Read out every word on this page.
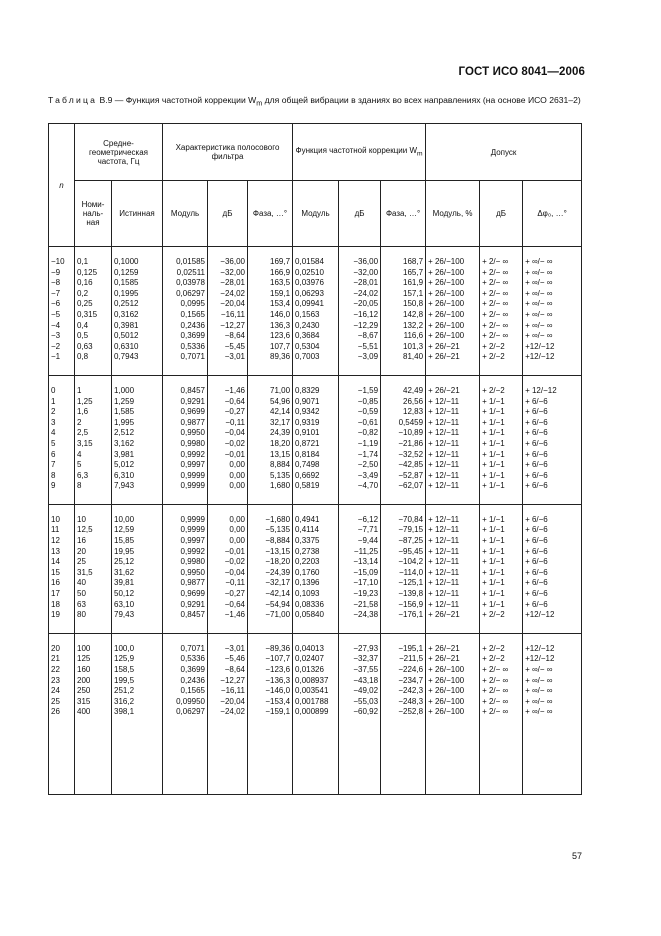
ГОСТ ИСО 8041—2006
Таблица В.9 — Функция частотной коррекции $W_m$ для общей вибрации в зданиях во всех направлениях (на основе ИСО 2631–2)
n	Средне-геометрическая частота, Гц		Характеристика полосового фильтра			Функция частотной коррекции $W_m$			Допуск		
	Номи-наль-ная	Истинная	Модуль	дБ	Фаза, …°	Модуль	дБ	Фаза, …°	Модуль, %	дБ	Δφ₀, …°
−10	0,1	0,1000	0,01585	−36,00	169,7	0,01584	−36,00	168,7	+ 26/−100	+ 2/− ∞	+ ∞/− ∞
−9	0,125	0,1259	0,02511	−32,00	166,9	0,02510	−32,00	165,7	+ 26/−100	+ 2/− ∞	+ ∞/− ∞
−8	0,16	0,1585	0,03978	−28,01	163,5	0,03976	−28,01	161,9	+ 26/−100	+ 2/− ∞	+ ∞/− ∞
−7	0,2	0,1995	0,06297	−24,02	159,1	0,06293	−24,02	157,1	+ 26/−100	+ 2/− ∞	+ ∞/− ∞
−6	0,25	0,2512	0,0995	−20,04	153,4	0,09941	−20,05	150,8	+ 26/−100	+ 2/− ∞	+ ∞/− ∞
−5	0,315	0,3162	0,1565	−16,11	146,0	0,1563	−16,12	142,8	+ 26/−100	+ 2/− ∞	+ ∞/− ∞
−4	0,4	0,3981	0,2436	−12,27	136,3	0,2430	−12,29	132,2	+ 26/−100	+ 2/− ∞	+ ∞/− ∞
−3	0,5	0,5012	0,3699	−8,64	123,6	0,3684	−8,67	116,6	+ 26/−100	+ 2/− ∞	+ ∞/− ∞
−2	0,63	0,6310	0,5336	−5,45	107,7	0,5304	−5,51	101,3	+ 26/−21	+ 2/−2	+12/−12
−1	0,8	0,7943	0,7071	−3,01	89,36	0,7003	−3,09	81,40	+ 26/−21	+ 2/−2	+12/−12
0	1	1,000	0,8457	−1,46	71,00	0,8329	−1,59	42,49	+ 26/−21	+ 2/−2	+ 12/−12
1	1,25	1,259	0,9291	−0,64	54,96	0,9071	−0,85	26,56	+ 12/−11	+ 1/−1	+ 6/−6
2	1,6	1,585	0,9699	−0,27	42,14	0,9342	−0,59	12,83	+ 12/−11	+ 1/−1	+ 6/−6
3	2	1,995	0,9877	−0,11	32,17	0,9319	−0,61	0,5459	+ 12/−11	+ 1/−1	+ 6/−6
4	2,5	2,512	0,9950	−0,04	24,39	0,9101	−0,82	−10,89	+ 12/−11	+ 1/−1	+ 6/−6
5	3,15	3,162	0,9980	−0,02	18,20	0,8721	−1,19	−21,86	+ 12/−11	+ 1/−1	+ 6/−6
6	4	3,981	0,9992	−0,01	13,15	0,8184	−1,74	−32,52	+ 12/−11	+ 1/−1	+ 6/−6
7	5	5,012	0,9997	0,00	8,884	0,7498	−2,50	−42,85	+ 12/−11	+ 1/−1	+ 6/−6
8	6,3	6,310	0,9999	0,00	5,135	0,6692	−3,49	−52,87	+ 12/−11	+ 1/−1	+ 6/−6
9	8	7,943	0,9999	0,00	1,680	0,5819	−4,70	−62,07	+ 12/−11	+ 1/−1	+ 6/−6
10	10	10,00	0,9999	0,00	−1,680	0,4941	−6,12	−70,84	+ 12/−11	+ 1/−1	+ 6/−6
11	12,5	12,59	0,9999	0,00	−5,135	0,4114	−7,71	−79,15	+ 12/−11	+ 1/−1	+ 6/−6
12	16	15,85	0,9997	0,00	−8,884	0,3375	−9,44	−87,25	+ 12/−11	+ 1/−1	+ 6/−6
13	20	19,95	0,9992	−0,01	−13,15	0,2738	−11,25	−95,45	+ 12/−11	+ 1/−1	+ 6/−6
14	25	25,12	0,9980	−0,02	−18,20	0,2203	−13,14	−104,2	+ 12/−11	+ 1/−1	+ 6/−6
15	31,5	31,62	0,9950	−0,04	−24,39	0,1760	−15,09	−114,0	+ 12/−11	+ 1/−1	+ 6/−6
16	40	39,81	0,9877	−0,11	−32,17	0,1396	−17,10	−125,1	+ 12/−11	+ 1/−1	+ 6/−6
17	50	50,12	0,9699	−0,27	−42,14	0,1093	−19,23	−139,8	+ 12/−11	+ 1/−1	+ 6/−6
18	63	63,10	0,9291	−0,64	−54,94	0,08336	−21,58	−156,9	+ 12/−11	+ 1/−1	+ 6/−6
19	80	79,43	0,8457	−1,46	−71,00	0,05840	−24,38	−176,1	+ 26/−21	+ 2/−2	+12/−12
20	100	100,0	0,7071	−3,01	−89,36	0,04013	−27,93	−195,1	+ 26/−21	+ 2/−2	+12/−12
21	125	125,9	0,5336	−5,46	−107,7	0,02407	−32,37	−211,5	+ 26/−21	+ 2/−2	+12/−12
22	160	158,5	0,3699	−8,64	−123,6	0,01326	−37,55	−224,6	+ 26/−100	+ 2/− ∞	+ ∞/− ∞
23	200	199,5	0,2436	−12,27	−136,3	0,008937	−43,18	−234,7	+ 26/−100	+ 2/− ∞	+ ∞/− ∞
24	250	251,2	0,1565	−16,11	−146,0	0,003541	−49,02	−242,3	+ 26/−100	+ 2/− ∞	+ ∞/− ∞
25	315	316,2	0,09950	−20,04	−153,4	0,001788	−55,03	−248,3	+ 26/−100	+ 2/− ∞	+ ∞/− ∞
26	400	398,1	0,06297	−24,02	−159,1	0,000899	−60,92	−252,8	+ 26/−100	+ 2/− ∞	+ ∞/− ∞

57
